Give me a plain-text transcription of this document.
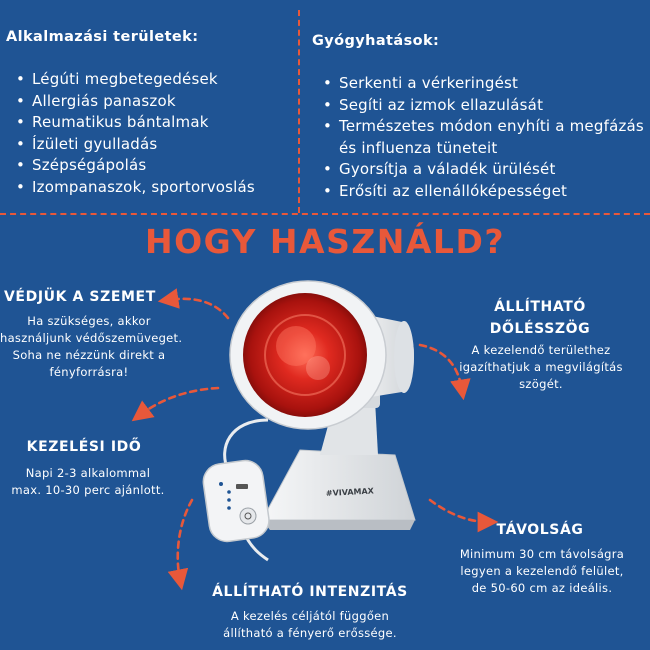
Alkalmazási területek:
• Légúti megbetegedések
• Allergiás panaszok
• Reumatikus bántalmak
• Ízületi gyulladás
• Szépségápolás
• Izompanaszok, sportorvoslás
Gyógyhatások:
• Serkenti a vérkeringést
• Segíti az izmok ellazulását
• Természetes módon enyhíti a megfázás és influenza tüneteit
• Gyorsítja a váladék ürülését
• Erősíti az ellenállóképességet
HOGY HASZNÁLD?
#VIVAMAX
VÉDJÜK A SZEMET
Ha szükséges, akkor
használjunk védőszemüveget.
Soha ne nézzünk direkt a
fényforrásra!
KEZELÉSI IDŐ
Napi 2-3 alkalommal
max. 10-30 perc ajánlott.
ÁLLÍTHATÓ
DŐLÉSSZÖG
A kezelendő területhez
igazíthatjuk a megvilágítás
szögét.
TÁVOLSÁG
Minimum 30 cm távolságra
legyen a kezelendő felület,
de 50-60 cm az ideális.
ÁLLÍTHATÓ INTENZITÁS
A kezelés céljától függően
állítható a fényerő erőssége.
